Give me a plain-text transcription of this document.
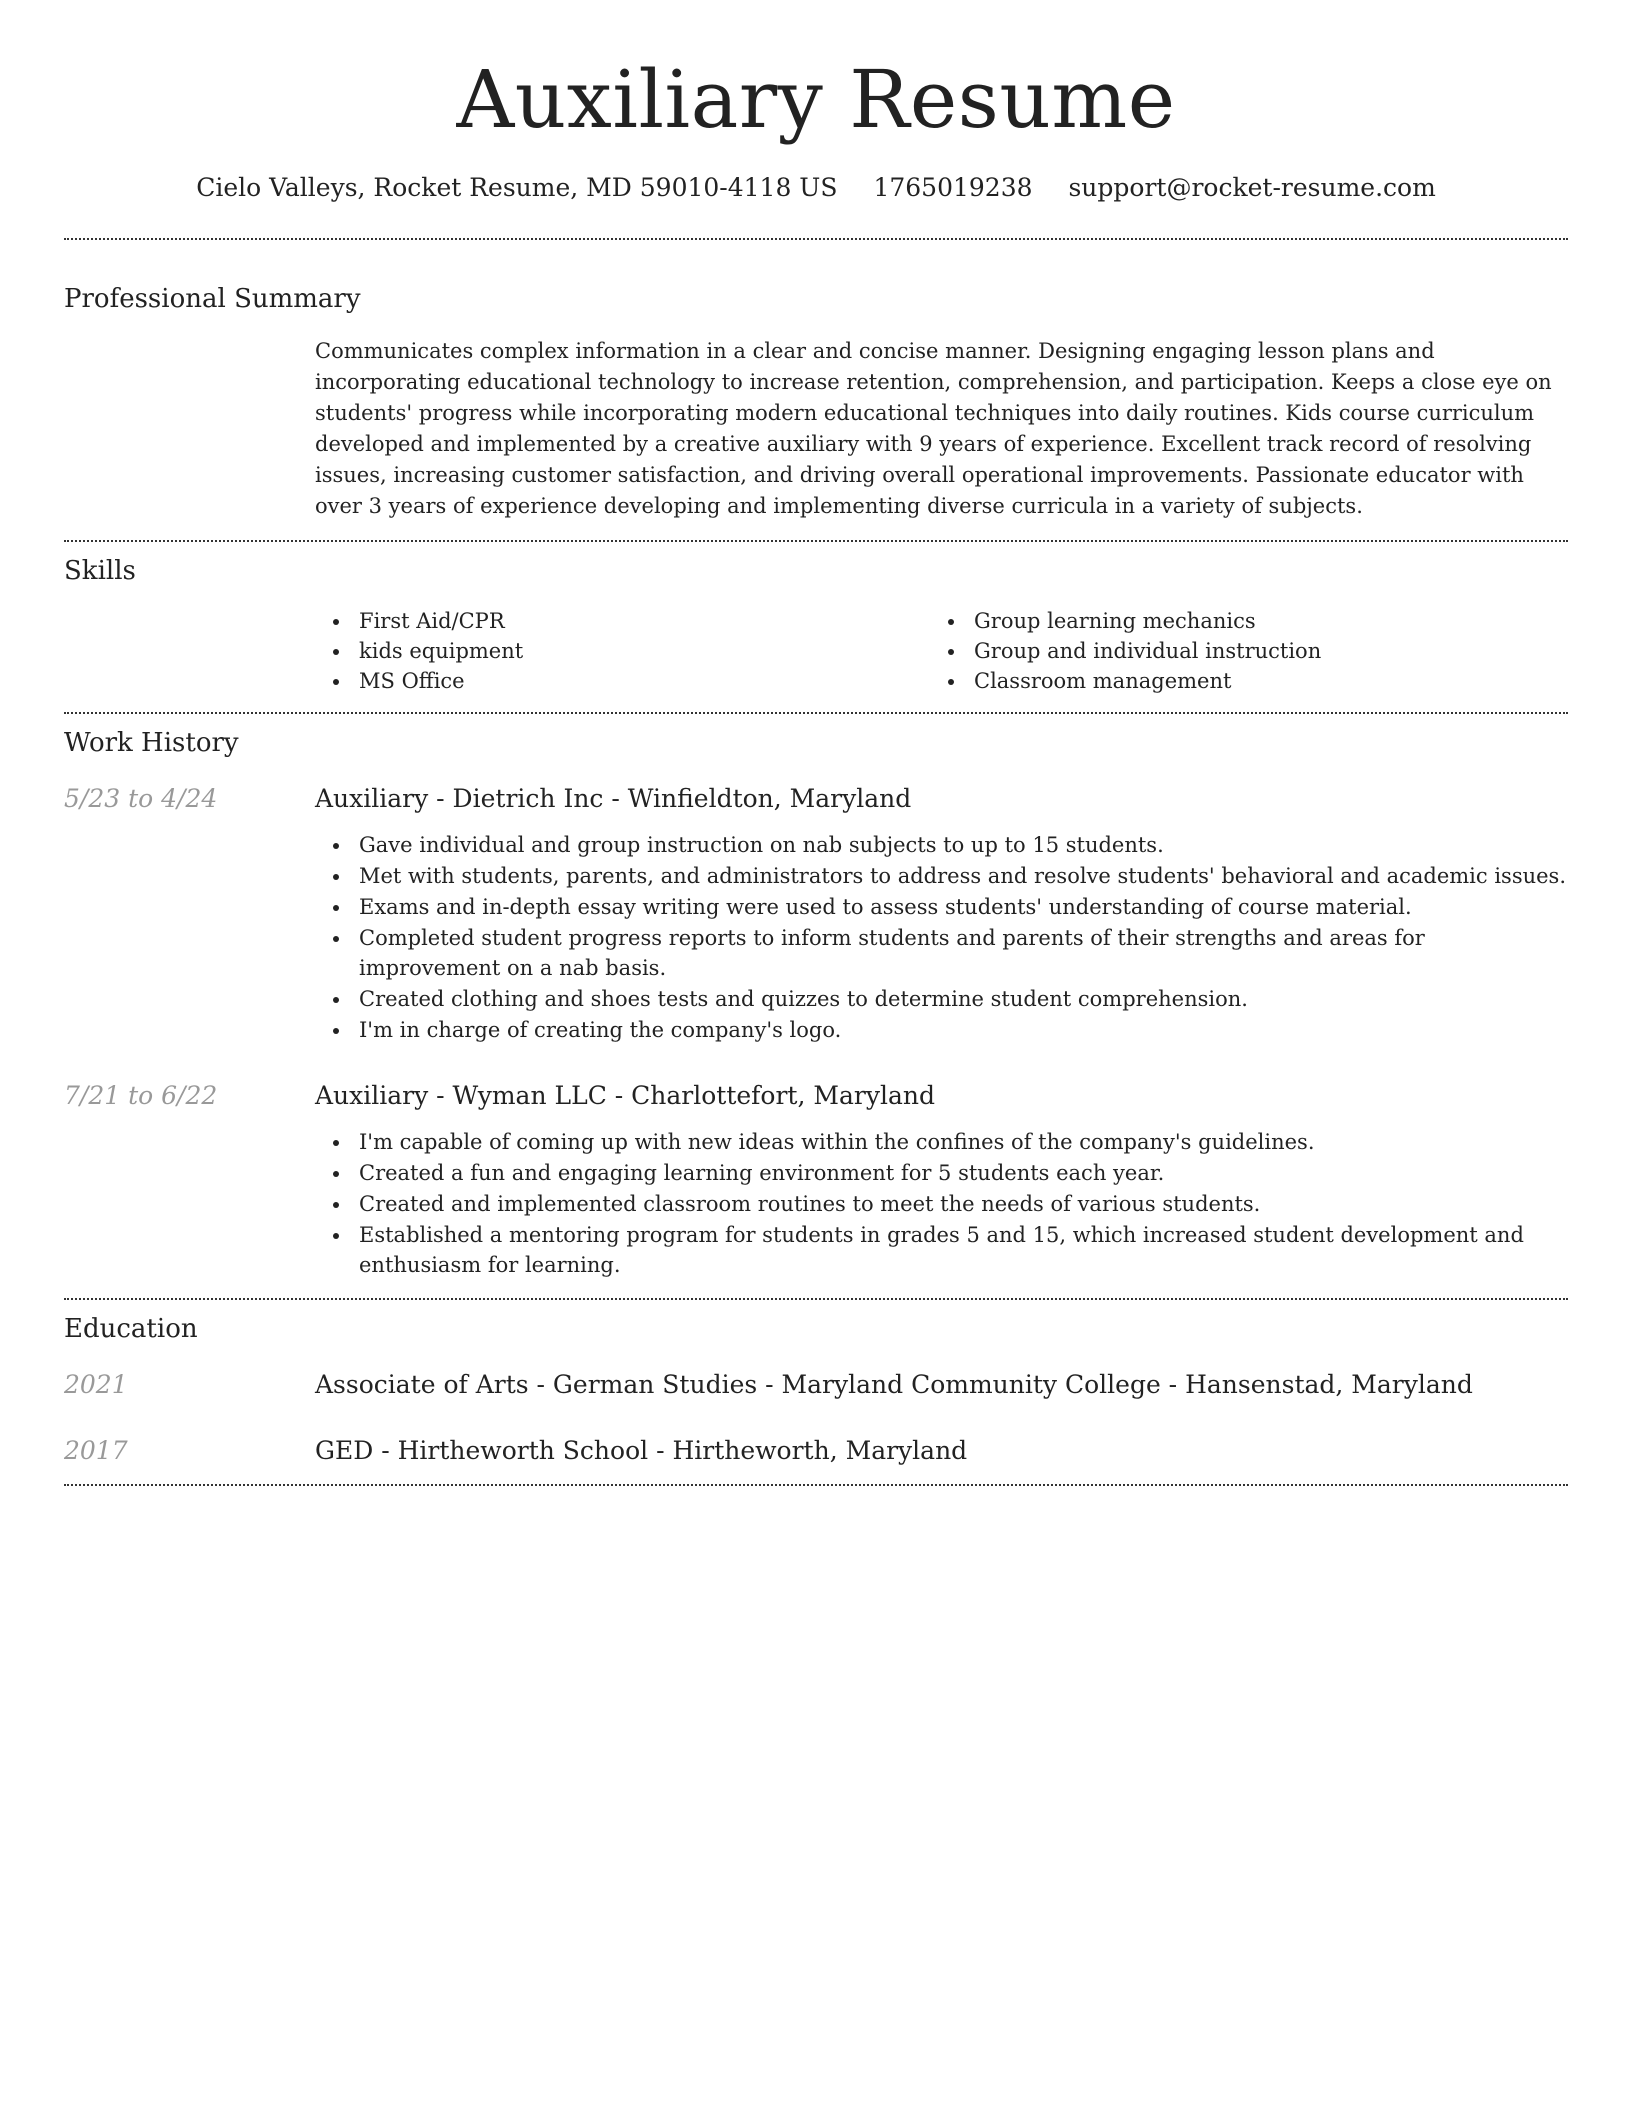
Auxiliary Resume
Cielo Valleys, Rocket Resume, MD 59010-4118 US 1765019238 support@rocket-resume.com
Professional Summary
Communicates complex information in a clear and concise manner. Designing engaging lesson plans and incorporating educational technology to increase retention, comprehension, and participation. Keeps a close eye on students' progress while incorporating modern educational techniques into daily routines. Kids course curriculum developed and implemented by a creative auxiliary with 9 years of experience. Excellent track record of resolving issues, increasing customer satisfaction, and driving overall operational improvements. Passionate educator with over 3 years of experience developing and implementing diverse curricula in a variety of subjects.
Skills
First Aid/CPR
kids equipment
MS Office
Group learning mechanics
Group and individual instruction
Classroom management
Work History
5/23 to 4/24	Auxiliary - Dietrich Inc - Winfieldton, Maryland
Gave individual and group instruction on nab subjects to up to 15 students.
Met with students, parents, and administrators to address and resolve students' behavioral and academic issues.
Exams and in-depth essay writing were used to assess students' understanding of course material.
Completed student progress reports to inform students and parents of their strengths and areas for improvement on a nab basis.
Created clothing and shoes tests and quizzes to determine student comprehension.
I'm in charge of creating the company's logo.
7/21 to 6/22	Auxiliary - Wyman LLC - Charlottefort, Maryland
I'm capable of coming up with new ideas within the confines of the company's guidelines.
Created a fun and engaging learning environment for 5 students each year.
Created and implemented classroom routines to meet the needs of various students.
Established a mentoring program for students in grades 5 and 15, which increased student development and enthusiasm for learning.
Education
2021	Associate of Arts - German Studies - Maryland Community College - Hansenstad, Maryland
2017	GED - Hirtheworth School - Hirtheworth, Maryland
